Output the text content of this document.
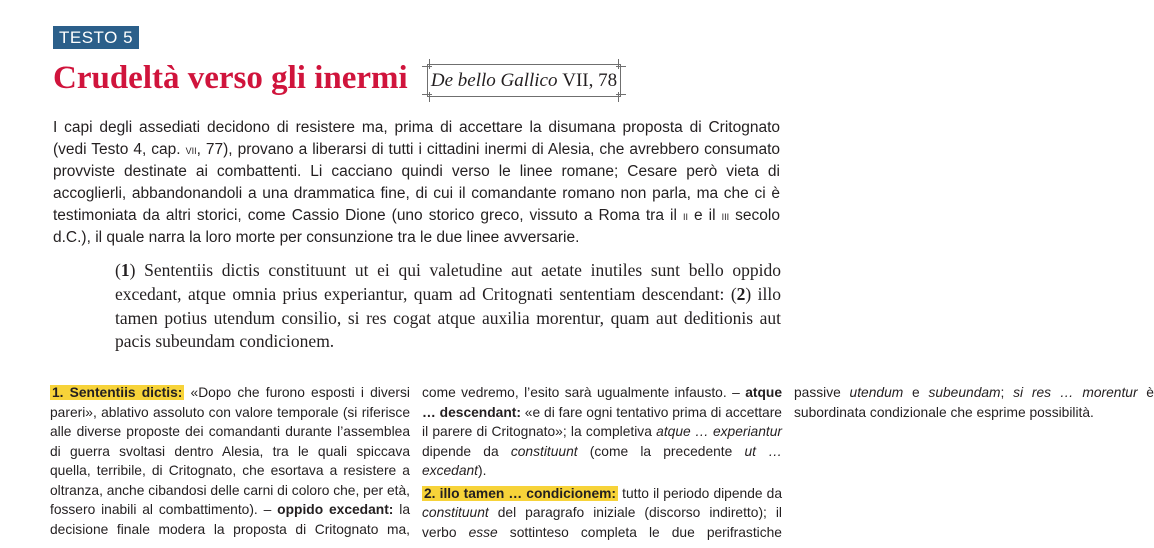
TESTO 5
Crudeltà verso gli inermi De bello Gallico VII, 78

I capi degli assediati decidono di resistere ma, prima di accettare la disumana proposta di Critognato (vedi Testo 4, cap. vii, 77), provano a liberarsi di tutti i cittadini inermi di Alesia, che avrebbero consumato provviste destinate ai combattenti. Li cacciano quindi verso le linee romane; Cesare però vieta di accoglierli, abbandonandoli a una drammatica fine, di cui il comandante romano non parla, ma che ci è testimoniata da altri storici, come Cassio Dione (uno storico greco, vissuto a Roma tra il ii e il iii secolo d.C.), il quale narra la loro morte per consunzione tra le due linee avversarie.

(1) Sententiis dictis constituunt ut ei qui valetudine aut aetate inutiles sunt bello oppido excedant, atque omnia prius experiantur, quam ad Critognati sententiam descendant: (2) illo tamen potius utendum consilio, si res cogat atque auxilia morentur, quam aut deditionis aut pacis subeundam condicionem.

1. Sententiis dictis: «Dopo che furono esposti i diversi pareri», ablativo assoluto con valore temporale (si riferisce alle diverse proposte dei comandanti durante l’assemblea di guerra svoltasi dentro Alesia, tra le quali spiccava quella, terribile, di Critognato, che esortava a resistere a oltranza, anche cibandosi delle carni di coloro che, per età, fossero inabili al combattimento). – oppido excedant: la decisione finale modera la proposta di Critognato ma, come vedremo, l’esito sarà ugualmente infausto. – atque … descendant: «e di fare ogni tentativo prima di accettare il parere di Critognato»; la completiva atque … experiantur dipende da constituunt (come la precedente ut … excedant).

2. illo tamen … condicionem: tutto il periodo dipende da constituunt del paragrafo iniziale (discorso indiretto); il verbo esse sottinteso completa le due perifrastiche passive utendum e subeundam; si res … morentur è subordinata condizionale che esprime possibilità.
